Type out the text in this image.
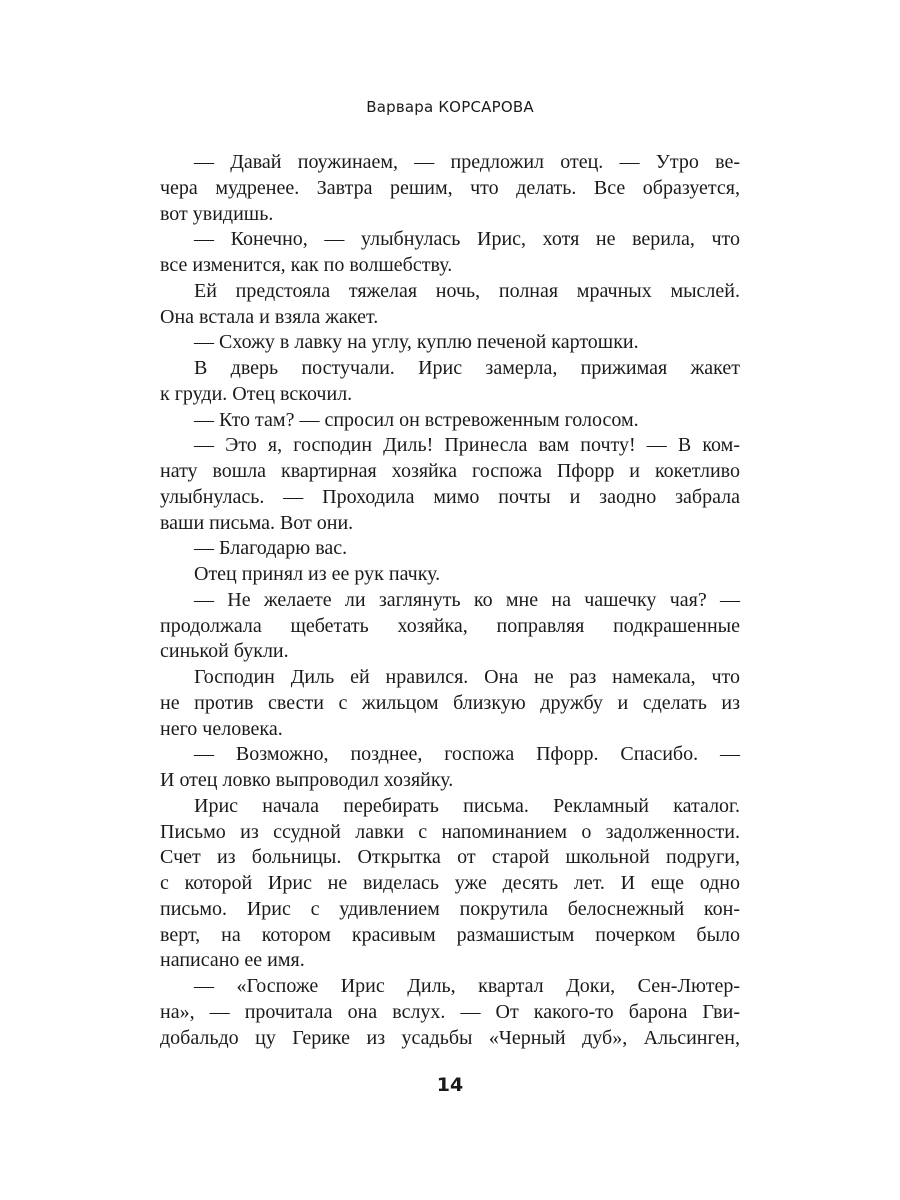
Варвара КОРСАРОВА
— Давай поужинаем, — предложил отец. — Утро ве-
чера мудренее. Завтра решим, что делать. Все образуется,
вот увидишь.
— Конечно, — улыбнулась Ирис, хотя не верила, что
все изменится, как по волшебству.
Ей предстояла тяжелая ночь, полная мрачных мыслей.
Она встала и взяла жакет.
— Схожу в лавку на углу, куплю печеной картошки.
В дверь постучали. Ирис замерла, прижимая жакет
к груди. Отец вскочил.
— Кто там? — спросил он встревоженным голосом.
— Это я, господин Диль! Принесла вам почту! — В ком-
нату вошла квартирная хозяйка госпожа Пфорр и кокетливо
улыбнулась. — Проходила мимо почты и заодно забрала
ваши письма. Вот они.
— Благодарю вас.
Отец принял из ее рук пачку.
— Не желаете ли заглянуть ко мне на чашечку чая? —
продолжала щебетать хозяйка, поправляя подкрашенные
синькой букли.
Господин Диль ей нравился. Она не раз намекала, что
не против свести с жильцом близкую дружбу и сделать из
него человека.
— Возможно, позднее, госпожа Пфорр. Спасибо. —
И отец ловко выпроводил хозяйку.
Ирис начала перебирать письма. Рекламный каталог.
Письмо из ссудной лавки с напоминанием о задолженности.
Счет из больницы. Открытка от старой школьной подруги,
с которой Ирис не виделась уже десять лет. И еще одно
письмо. Ирис с удивлением покрутила белоснежный кон-
верт, на котором красивым размашистым почерком было
написано ее имя.
— «Госпоже Ирис Диль, квартал Доки, Сен-Лютер-
на», — прочитала она вслух. — От какого-то барона Гви-
добальдо цу Герике из усадьбы «Черный дуб», Альсинген,
14
